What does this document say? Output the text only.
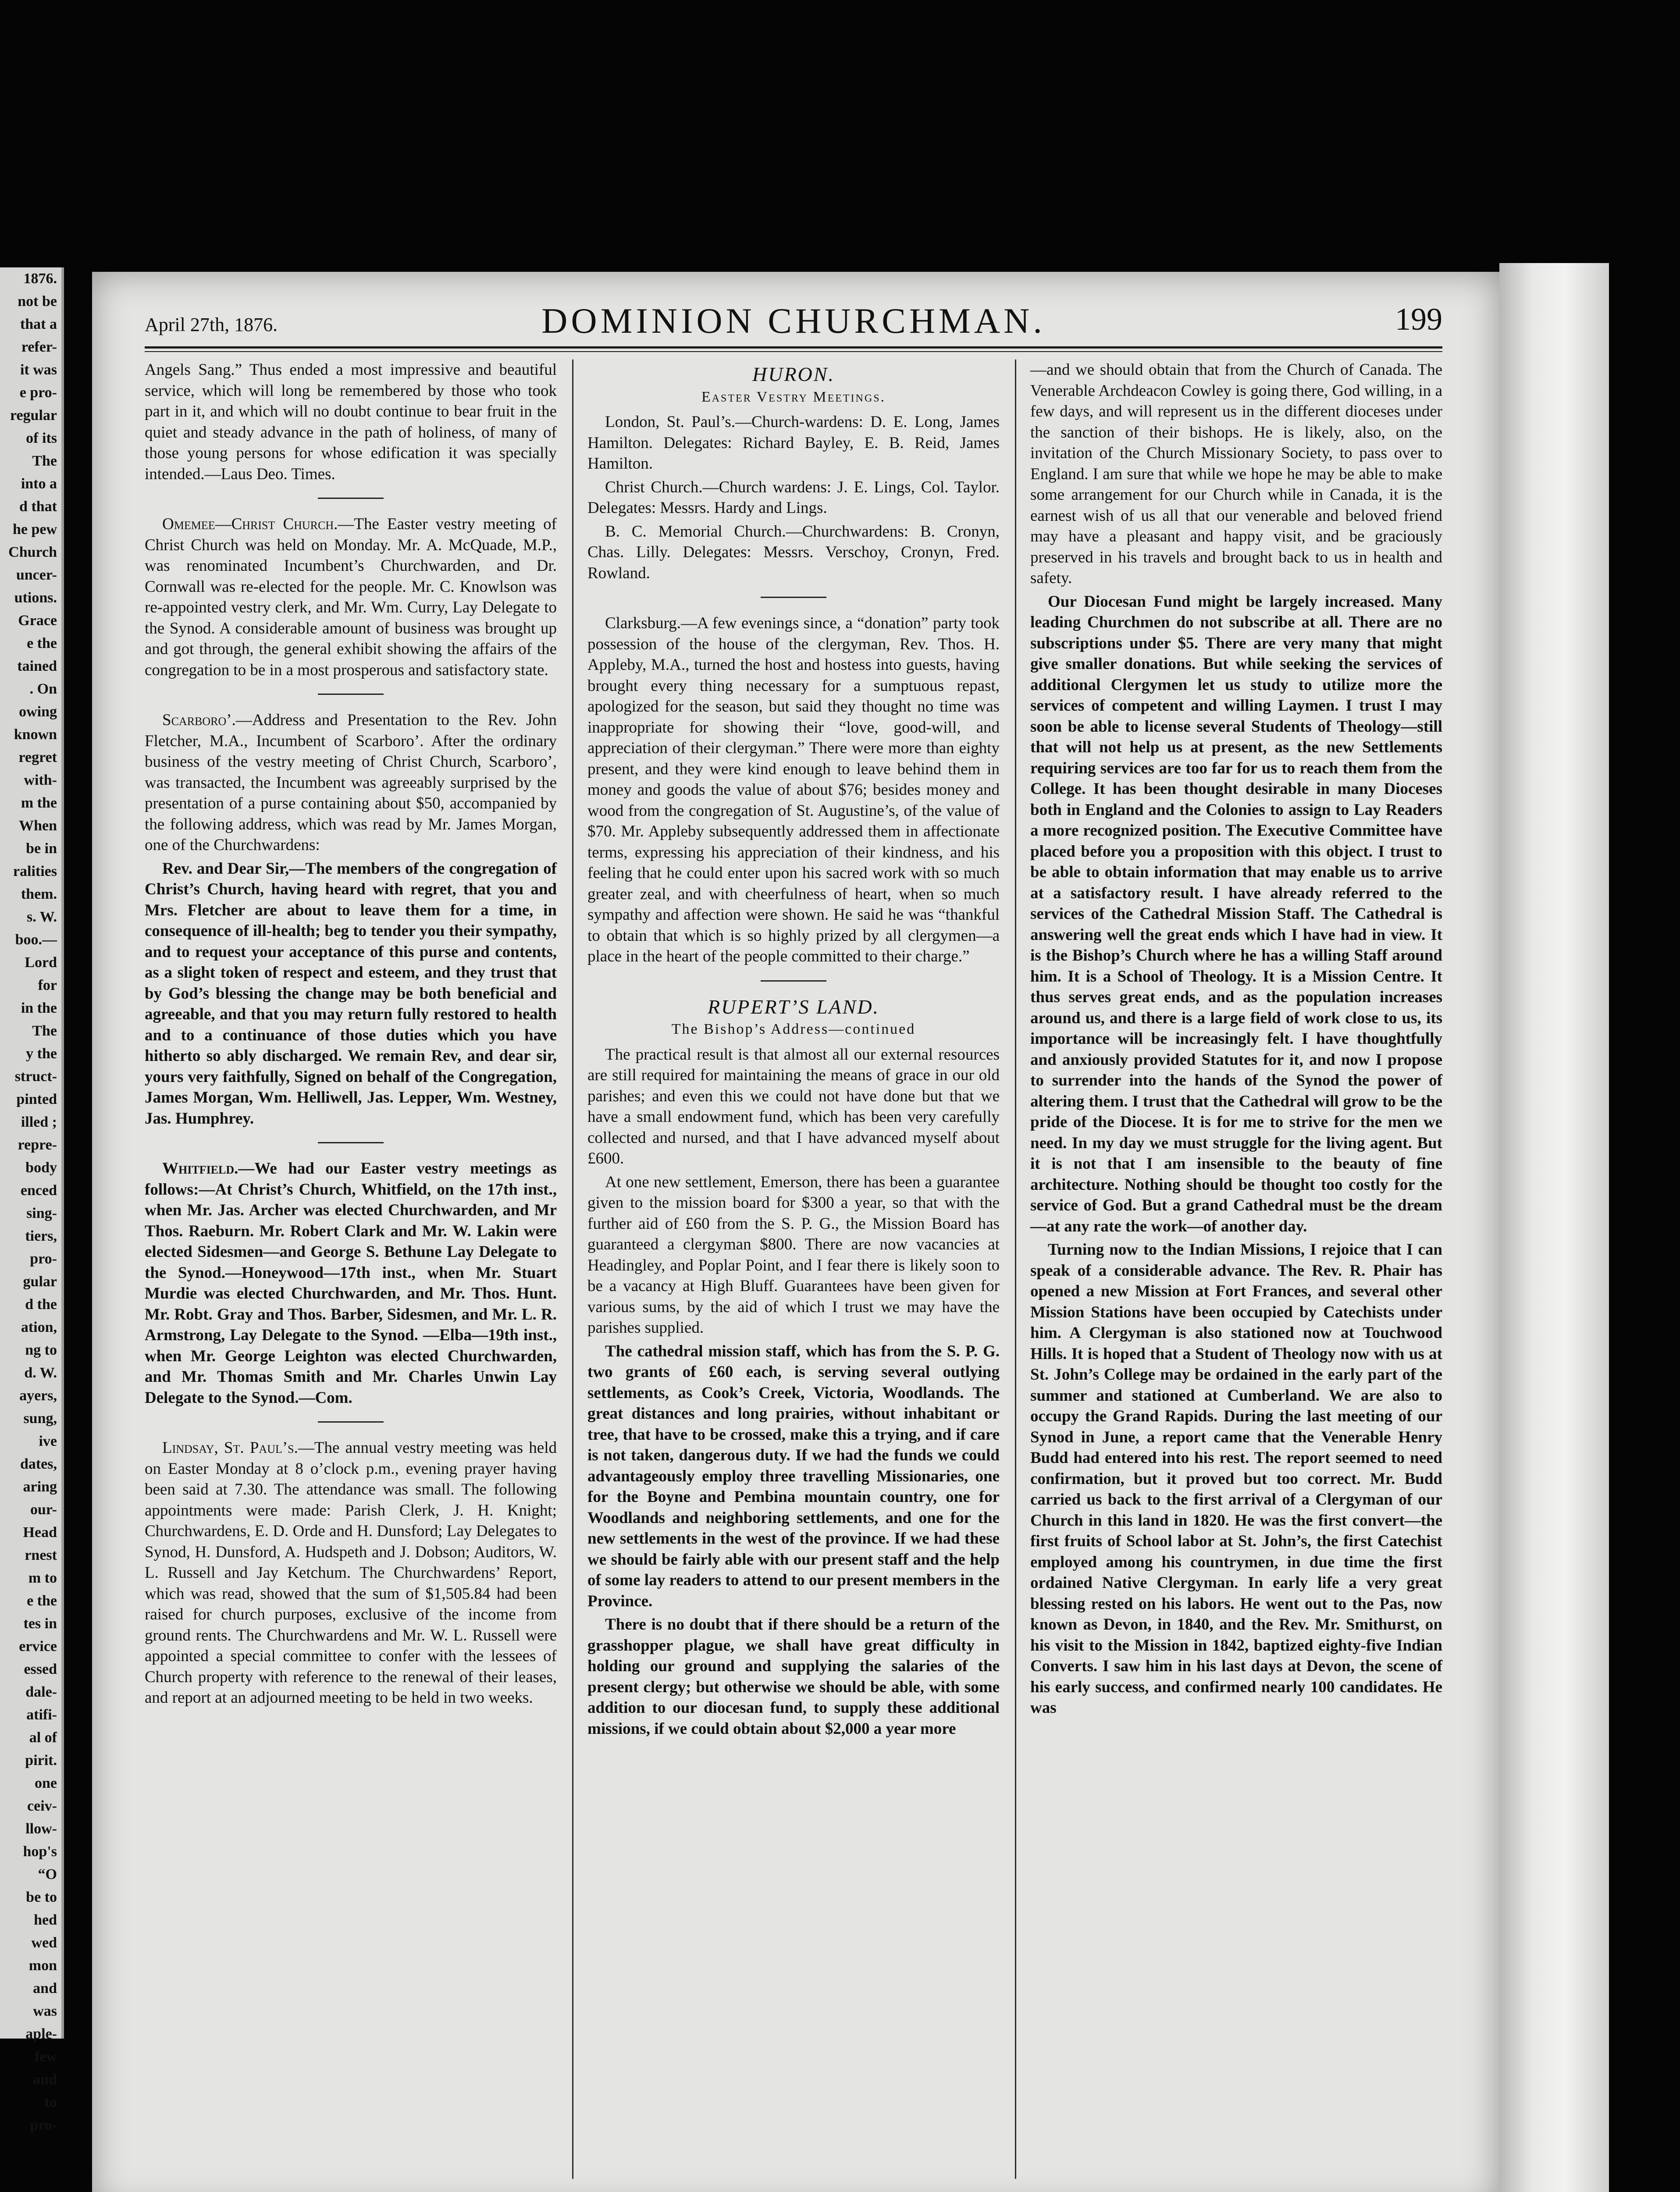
1876.
not be
that a
refer-
it was
e pro-
regular
of its
The
into a
d that
he pew
Church
uncer-
utions.
Grace
e the
tained
. On
owing
known
regret
with-
m the
When
be in
ralities
them.
s. W.
boo.—
Lord
for
in the
The
y the
struct-
pinted
illed ;
repre-
body
enced
sing-
tiers,
pro-
gular
d the
ation,
ng to
d. W.
ayers,
sung,
ive
dates,
aring
our-
Head
rnest
m to
e the
tes in
ervice
essed
dale-
atifi-
al of
pirit.
one
ceiv-
llow-
hop's
“O
be to
hed
wed
mon
and
was
aple-
few
and
to
pro-
April 27th, 1876.	DOMINION CHURCHMAN.	199

Angels Sang.” Thus ended a most impressive and beautiful service, which will long be remembered by those who took part in it, and which will no doubt continue to bear fruit in the quiet and steady advance in the path of holiness, of many of those young persons for whose edification it was specially intended.—Laus Deo. Times.

Omemee—Christ Church.—The Easter vestry meeting of Christ Church was held on Monday. Mr. A. McQuade, M.P., was renominated Incumbent’s Churchwarden, and Dr. Cornwall was re-elected for the people. Mr. C. Knowlson was re-appointed vestry clerk, and Mr. Wm. Curry, Lay Delegate to the Synod. A considerable amount of business was brought up and got through, the general exhibit showing the affairs of the congregation to be in a most prosperous and satisfactory state.

Scarboro’.—Address and Presentation to the Rev. John Fletcher, M.A., Incumbent of Scarboro’. After the ordinary business of the vestry meeting of Christ Church, Scarboro’, was transacted, the Incumbent was agreeably surprised by the presentation of a purse containing about $50, accompanied by the following address, which was read by Mr. James Morgan, one of the Churchwardens:

Rev. and Dear Sir,—The members of the congregation of Christ’s Church, having heard with regret, that you and Mrs. Fletcher are about to leave them for a time, in consequence of ill-health; beg to tender you their sympathy, and to request your acceptance of this purse and contents, as a slight token of respect and esteem, and they trust that by God’s blessing the change may be both beneficial and agreeable, and that you may return fully restored to health and to a continuance of those duties which you have hitherto so ably discharged. We remain Rev, and dear sir, yours very faithfully, Signed on behalf of the Congregation, James Morgan, Wm. Helliwell, Jas. Lepper, Wm. Westney, Jas. Humphrey.

Whitfield.—We had our Easter vestry meetings as follows:—At Christ’s Church, Whitfield, on the 17th inst., when Mr. Jas. Archer was elected Churchwarden, and Mr Thos. Raeburn. Mr. Robert Clark and Mr. W. Lakin were elected Sidesmen—and George S. Bethune Lay Delegate to the Synod.—Honeywood—17th inst., when Mr. Stuart Murdie was elected Churchwarden, and Mr. Thos. Hunt. Mr. Robt. Gray and Thos. Barber, Sidesmen, and Mr. L. R. Armstrong, Lay Delegate to the Synod. —Elba—19th inst., when Mr. George Leighton was elected Churchwarden, and Mr. Thomas Smith and Mr. Charles Unwin Lay Delegate to the Synod.—Com.

Lindsay, St. Paul’s.—The annual vestry meeting was held on Easter Monday at 8 o’clock p.m., evening prayer having been said at 7.30. The attendance was small. The following appointments were made: Parish Clerk, J. H. Knight; Churchwardens, E. D. Orde and H. Dunsford; Lay Delegates to Synod, H. Dunsford, A. Hudspeth and J. Dobson; Auditors, W. L. Russell and Jay Ketchum. The Churchwardens’ Report, which was read, showed that the sum of $1,505.84 had been raised for church purposes, exclusive of the income from ground rents. The Churchwardens and Mr. W. L. Russell were appointed a special committee to confer with the lessees of Church property with reference to the renewal of their leases, and report at an adjourned meeting to be held in two weeks.

HURON.
Easter Vestry Meetings.

London, St. Paul’s.—Church-wardens: D. E. Long, James Hamilton. Delegates: Richard Bayley, E. B. Reid, James Hamilton.

Christ Church.—Church wardens: J. E. Lings, Col. Taylor. Delegates: Messrs. Hardy and Lings.

B. C. Memorial Church.—Churchwardens: B. Cronyn, Chas. Lilly. Delegates: Messrs. Verschoy, Cronyn, Fred. Rowland.

Clarksburg.—A few evenings since, a “donation” party took possession of the house of the clergyman, Rev. Thos. H. Appleby, M.A., turned the host and hostess into guests, having brought every thing necessary for a sumptuous repast, apologized for the season, but said they thought no time was inappropriate for showing their “love, good-will, and appreciation of their clergyman.” There were more than eighty present, and they were kind enough to leave behind them in money and goods the value of about $76; besides money and wood from the congregation of St. Augustine’s, of the value of $70. Mr. Appleby subsequently addressed them in affectionate terms, expressing his appreciation of their kindness, and his feeling that he could enter upon his sacred work with so much greater zeal, and with cheerfulness of heart, when so much sympathy and affection were shown. He said he was “thankful to obtain that which is so highly prized by all clergymen—a place in the heart of the people committed to their charge.”

RUPERT’S LAND.
The Bishop’s Address—continued

The practical result is that almost all our external resources are still required for maintaining the means of grace in our old parishes; and even this we could not have done but that we have a small endowment fund, which has been very carefully collected and nursed, and that I have advanced myself about £600.

At one new settlement, Emerson, there has been a guarantee given to the mission board for $300 a year, so that with the further aid of £60 from the S. P. G., the Mission Board has guaranteed a clergyman $800. There are now vacancies at Headingley, and Poplar Point, and I fear there is likely soon to be a vacancy at High Bluff. Guarantees have been given for various sums, by the aid of which I trust we may have the parishes supplied.

The cathedral mission staff, which has from the S. P. G. two grants of £60 each, is serving several outlying settlements, as Cook’s Creek, Victoria, Woodlands. The great distances and long prairies, without inhabitant or tree, that have to be crossed, make this a trying, and if care is not taken, dangerous duty. If we had the funds we could advantageously employ three travelling Missionaries, one for the Boyne and Pembina mountain country, one for Woodlands and neighboring settlements, and one for the new settlements in the west of the province. If we had these we should be fairly able with our present staff and the help of some lay readers to attend to our present members in the Province.

There is no doubt that if there should be a return of the grasshopper plague, we shall have great difficulty in holding our ground and supplying the salaries of the present clergy; but otherwise we should be able, with some addition to our diocesan fund, to supply these additional missions, if we could obtain about $2,000 a year more

—and we should obtain that from the Church of Canada. The Venerable Archdeacon Cowley is going there, God willing, in a few days, and will represent us in the different dioceses under the sanction of their bishops. He is likely, also, on the invitation of the Church Missionary Society, to pass over to England. I am sure that while we hope he may be able to make some arrangement for our Church while in Canada, it is the earnest wish of us all that our venerable and beloved friend may have a pleasant and happy visit, and be graciously preserved in his travels and brought back to us in health and safety.

Our Diocesan Fund might be largely increased. Many leading Churchmen do not subscribe at all. There are no subscriptions under $5. There are very many that might give smaller donations. But while seeking the services of additional Clergymen let us study to utilize more the services of competent and willing Laymen. I trust I may soon be able to license several Students of Theology—still that will not help us at present, as the new Settlements requiring services are too far for us to reach them from the College. It has been thought desirable in many Dioceses both in England and the Colonies to assign to Lay Readers a more recognized position. The Executive Committee have placed before you a proposition with this object. I trust to be able to obtain information that may enable us to arrive at a satisfactory result. I have already referred to the services of the Cathedral Mission Staff. The Cathedral is answering well the great ends which I have had in view. It is the Bishop’s Church where he has a willing Staff around him. It is a School of Theology. It is a Mission Centre. It thus serves great ends, and as the population increases around us, and there is a large field of work close to us, its importance will be increasingly felt. I have thoughtfully and anxiously provided Statutes for it, and now I propose to surrender into the hands of the Synod the power of altering them. I trust that the Cathedral will grow to be the pride of the Diocese. It is for me to strive for the men we need. In my day we must struggle for the living agent. But it is not that I am insensible to the beauty of fine architecture. Nothing should be thought too costly for the service of God. But a grand Cathedral must be the dream—at any rate the work—of another day.

Turning now to the Indian Missions, I rejoice that I can speak of a considerable advance. The Rev. R. Phair has opened a new Mission at Fort Frances, and several other Mission Stations have been occupied by Catechists under him. A Clergyman is also stationed now at Touchwood Hills. It is hoped that a Student of Theology now with us at St. John’s College may be ordained in the early part of the summer and stationed at Cumberland. We are also to occupy the Grand Rapids. During the last meeting of our Synod in June, a report came that the Venerable Henry Budd had entered into his rest. The report seemed to need confirmation, but it proved but too correct. Mr. Budd carried us back to the first arrival of a Clergyman of our Church in this land in 1820. He was the first convert—the first fruits of School labor at St. John’s, the first Catechist employed among his countrymen, in due time the first ordained Native Clergyman. In early life a very great blessing rested on his labors. He went out to the Pas, now known as Devon, in 1840, and the Rev. Mr. Smithurst, on his visit to the Mission in 1842, baptized eighty-five Indian Converts. I saw him in his last days at Devon, the scene of his early success, and confirmed nearly 100 candidates. He was
